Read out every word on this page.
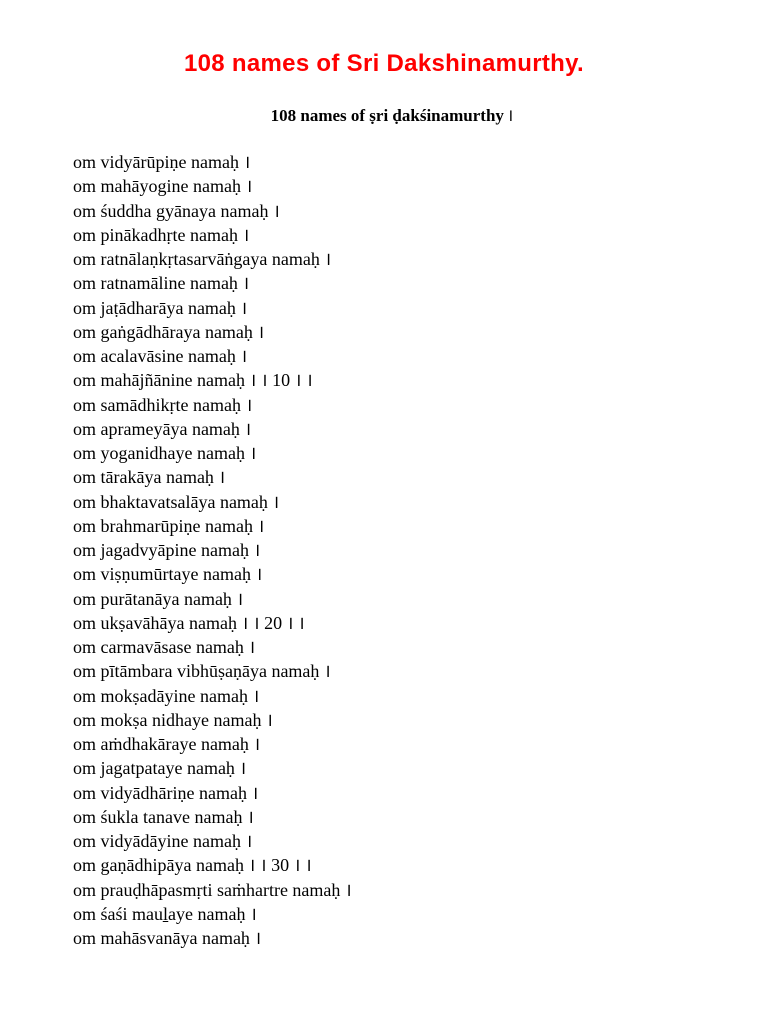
108 names of Sri Dakshinamurthy.
108 names of ṣri ḍakśinamurthy ।
om vidyārūpiṇe namaḥ ।
om mahāyogine namaḥ ।
om śuddha gyānaya namaḥ ।
om pinākadhṛte namaḥ ।
om ratnālaṇkṛtasarvāṅgaya namaḥ ।
om ratnamāline namaḥ ।
om jaṭādharāya namaḥ ।
om gaṅgādhāraya namaḥ ।
om acalavāsine namaḥ ।
om mahājñānine namaḥ । । 10 । ।
om samādhikṛte namaḥ ।
om aprameyāya namaḥ ।
om yoganidhaye namaḥ ।
om tārakāya namaḥ ।
om bhaktavatsalāya namaḥ ।
om brahmarūpiṇe namaḥ ।
om jagadvyāpine namaḥ ।
om viṣṇumūrtaye namaḥ ।
om purātanāya namaḥ ।
om ukṣavāhāya namaḥ । । 20 । ।
om carmavāsase namaḥ ।
om pītāmbara vibhūṣaṇāya namaḥ ।
om mokṣadāyine namaḥ ।
om mokṣa nidhaye namaḥ ।
om aṁdhakāraye namaḥ ।
om jagatpataye namaḥ ।
om vidyādhāriṇe namaḥ ।
om śukla tanave namaḥ ।
om vidyādāyine namaḥ ।
om gaṇādhipāya namaḥ । । 30 । ।
om prauḍhāpasmṛti saṁhartre namaḥ ।
om śaśi mauḻaye namaḥ ।
om mahāsvanāya namaḥ ।
